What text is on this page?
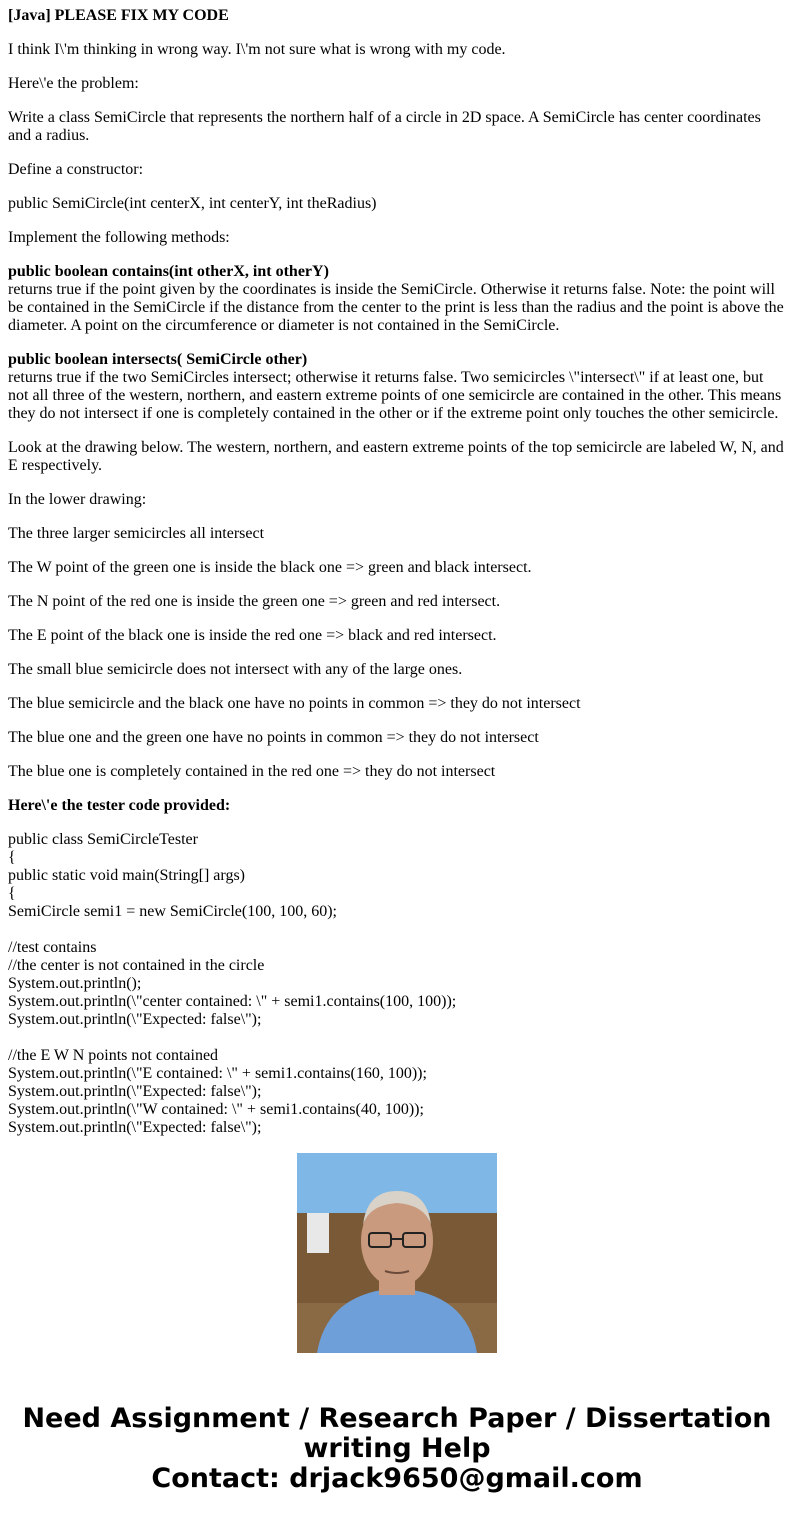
[Java] PLEASE FIX MY CODE

I think I\'m thinking in wrong way. I\'m not sure what is wrong with my code.

Here\'e the problem:

Write a class SemiCircle that represents the northern half of a circle in 2D space. A SemiCircle has center coordinates and a radius.

Define a constructor:

public SemiCircle(int centerX, int centerY, int theRadius)

Implement the following methods:

public boolean contains(int otherX, int otherY)
returns true if the point given by the coordinates is inside the SemiCircle. Otherwise it returns false. Note: the point will be contained in the SemiCircle if the distance from the center to the print is less than the radius and the point is above the diameter. A point on the circumference or diameter is not contained in the SemiCircle.

public boolean intersects( SemiCircle other)
returns true if the two SemiCircles intersect; otherwise it returns false. Two semicircles \"intersect\" if at least one, but not all three of the western, northern, and eastern extreme points of one semicircle are contained in the other. This means they do not intersect if one is completely contained in the other or if the extreme point only touches the other semicircle.

Look at the drawing below. The western, northern, and eastern extreme points of the top semicircle are labeled W, N, and E respectively.

In the lower drawing:

The three larger semicircles all intersect

The W point of the green one is inside the black one => green and black intersect.

The N point of the red one is inside the green one => green and red intersect.

The E point of the black one is inside the red one => black and red intersect.

The small blue semicircle does not intersect with any of the large ones.

The blue semicircle and the black one have no points in common => they do not intersect

The blue one and the green one have no points in common => they do not intersect

The blue one is completely contained in the red one => they do not intersect

Here\'e the tester code provided:

public class SemiCircleTester
{
public static void main(String[] args)
{
SemiCircle semi1 = new SemiCircle(100, 100, 60);
//test contains
//the center is not contained in the circle
System.out.println();
System.out.println(\"center contained: \" + semi1.contains(100, 100));
System.out.println(\"Expected: false\");
//the E W N points not contained
System.out.println(\"E contained: \" + semi1.contains(160, 100));
System.out.println(\"Expected: false\");
System.out.println(\"W contained: \" + semi1.contains(40, 100));
System.out.println(\"Expected: false\");
Need Assignment / Research Paper / Dissertation
writing Help
Contact: drjack9650@gmail.com
